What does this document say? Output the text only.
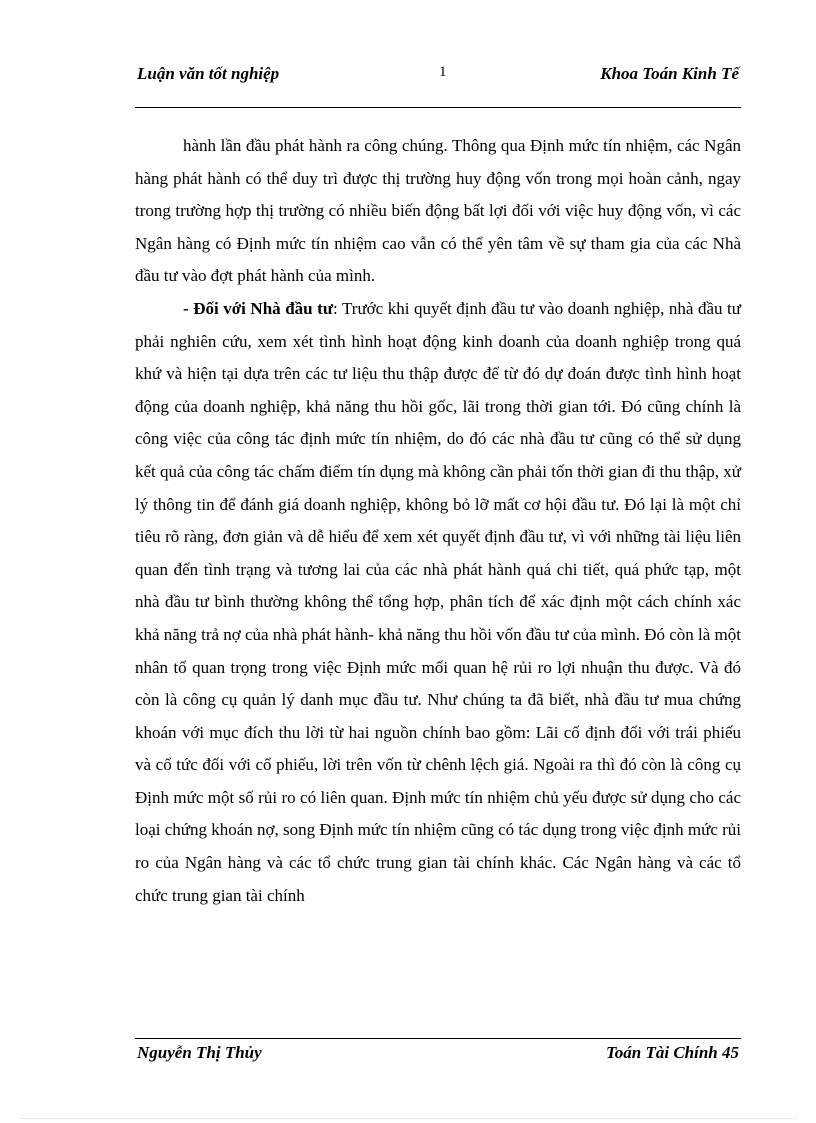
Luận văn tốt nghiệp	1	Khoa Toán Kinh Tế

hành lần đầu phát hành ra công chúng. Thông qua Định mức tín nhiệm, các Ngân hàng phát hành có thể duy trì được thị trường huy động vốn trong mọi hoàn cảnh, ngay trong trường hợp thị trường có nhiều biến động bất lợi đối với việc huy động vốn, vì các Ngân hàng có Định mức tín nhiệm cao vẫn có thể yên tâm về sự tham gia của các Nhà đầu tư vào đợt phát hành của mình.

- Đối với Nhà đầu tư: Trước khi quyết định đầu tư vào doanh nghiệp, nhà đầu tư phải nghiên cứu, xem xét tình hình hoạt động kinh doanh của doanh nghiệp trong quá khứ và hiện tại dựa trên các tư liệu thu thập được để từ đó dự đoán được tình hình hoạt động của doanh nghiệp, khả năng thu hồi gốc, lãi trong thời gian tới. Đó cũng chính là công việc của công tác định mức tín nhiệm, do đó các nhà đầu tư cũng có thể sử dụng kết quả của công tác chấm điểm tín dụng mà không cần phải tốn thời gian đi thu thập, xử lý thông tin để đánh giá doanh nghiệp, không bỏ lỡ mất cơ hội đầu tư. Đó lại là một chỉ tiêu rõ ràng, đơn giản và dễ hiểu để xem xét quyết định đầu tư, vì với những tài liệu liên quan đến tình trạng và tương lai của các nhà phát hành quá chi tiết, quá phức tạp, một nhà đầu tư bình thường không thể tổng hợp, phân tích để xác định một cách chính xác khả năng trả nợ của nhà phát hành- khả năng thu hồi vốn đầu tư của mình. Đó còn là một nhân tố quan trọng trong việc Định mức mối quan hệ rủi ro lợi nhuận thu được. Và đó còn là công cụ quản lý danh mục đầu tư. Như chúng ta đã biết, nhà đầu tư mua chứng khoán với mục đích thu lời từ hai nguồn chính bao gồm: Lãi cố định đối với trái phiếu và cổ tức đối với cổ phiếu, lời trên vốn từ chênh lệch giá. Ngoài ra thì đó còn là công cụ Định mức một số rủi ro có liên quan. Định mức tín nhiệm chủ yếu được sử dụng cho các loại chứng khoán nợ, song Định mức tín nhiệm cũng có tác dụng trong việc định mức rủi ro của Ngân hàng và các tổ chức trung gian tài chính khác. Các Ngân hàng và các tổ chức trung gian tài chính

Nguyễn Thị Thủy	Toán Tài Chính 45
